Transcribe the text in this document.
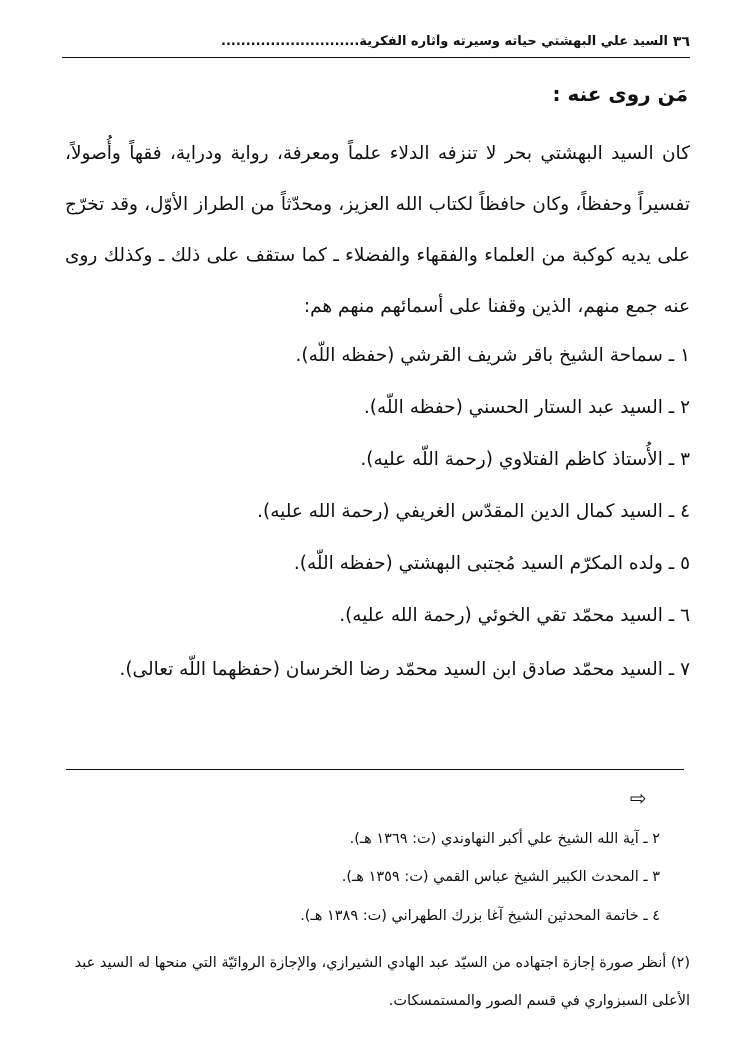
٣٦
السيد علي البهشتي حياته وسيرته وآثاره الفكرية............................
مَن روى عنه :
كان السيد البهشتي بحر لا تنزفه الدلاء علماً ومعرفة، رواية ودراية، فقهاً وأُصولاً، تفسيراً وحفظاً، وكان حافظاً لكتاب الله العزيز، ومحدّثاً من الطراز الأوّل، وقد تخرّج على يديه كوكبة من العلماء والفقهاء والفضلاء ـ كما ستقف على ذلك ـ وكذلك روى عنه جمع منهم، الذين وقفنا على أسمائهم منهم هم:
١ ـ سماحة الشيخ باقر شريف القرشي (حفظه اللّه).
٢ ـ السيد عبد الستار الحسني (حفظه اللّه).
٣ ـ الأُستاذ كاظم الفتلاوي (رحمة اللّه عليه).
٤ ـ السيد كمال الدين المقدّس الغريفي (رحمة الله عليه).
٥ ـ ولده المكرّم السيد مُجتبى البهشتي (حفظه اللّه).
٦ ـ السيد محمّد تقي الخوئي (رحمة الله عليه).
٧ ـ السيد محمّد صادق ابن السيد محمّد رضا الخرسان (حفظهما اللّه تعالى).
⇨
٢ ـ آية الله الشيخ علي أكبر النهاوندي (ت: ١٣٦٩ هـ).
٣ ـ المحدث الكبير الشيخ عباس القمي (ت: ١٣٥٩ هـ).
٤ ـ خاتمة المحدثين الشيخ آغا بزرك الطهراني (ت: ١٣٨٩ هـ).
(٢) أنظر صورة إجازة اجتهاده من السيّد عبد الهادي الشيرازي، والإجازة الروائيّة التي منحها له السيد عبد الأعلى السبزواري في قسم الصور والمستمسكات.
